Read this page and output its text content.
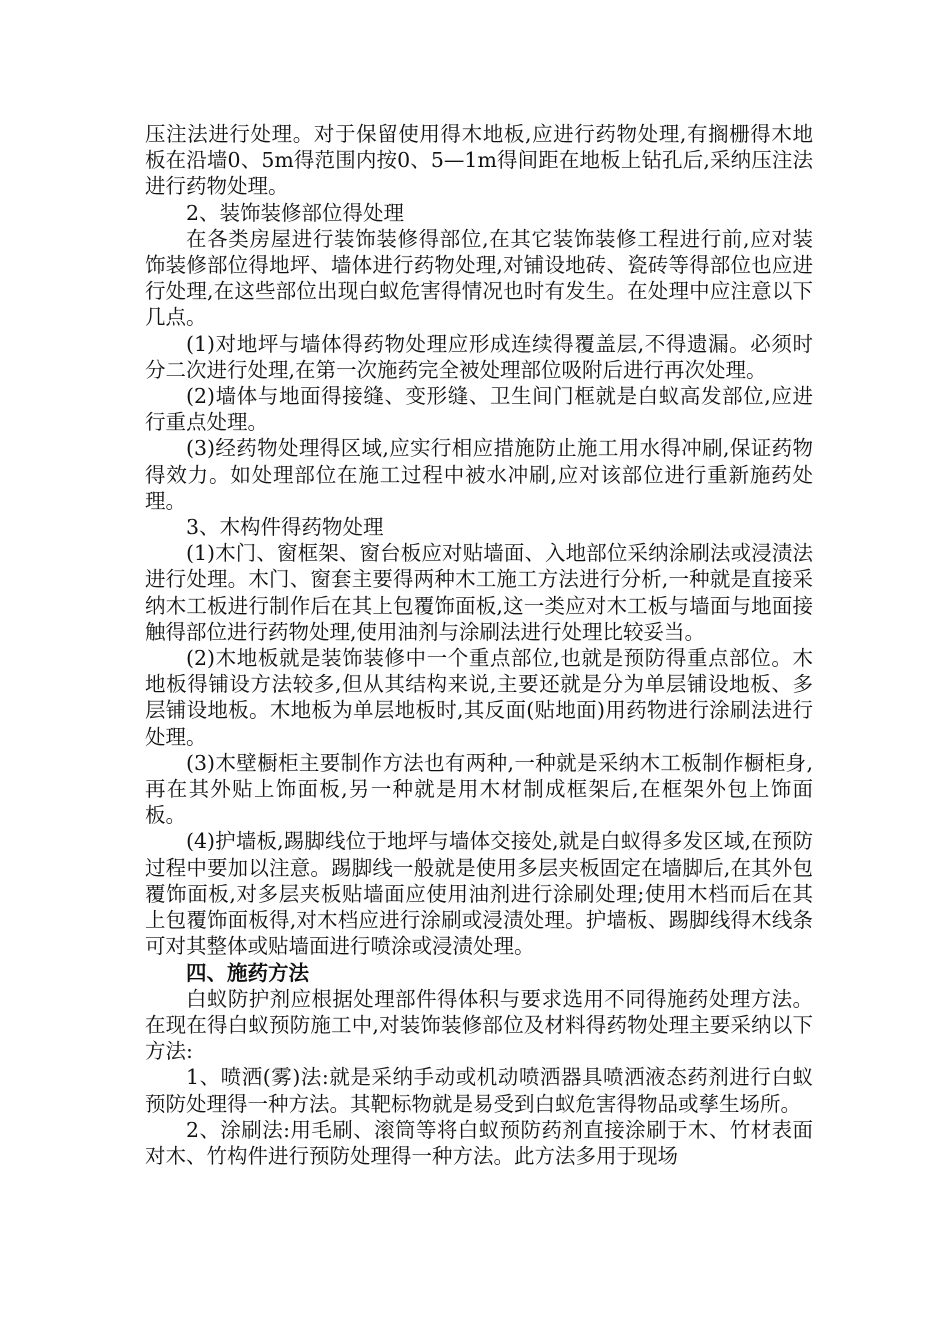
压注法进行处理。对于保留使用得木地板,应进行药物处理,有搁栅得木地板在沿墙0、5m得范围内按0、5—1m得间距在地板上钻孔后,采纳压注法进行药物处理。

2、装饰装修部位得处理

在各类房屋进行装饰装修得部位,在其它装饰装修工程进行前,应对装饰装修部位得地坪、墙体进行药物处理,对铺设地砖、瓷砖等得部位也应进行处理,在这些部位出现白蚁危害得情况也时有发生。在处理中应注意以下几点。

(1)对地坪与墙体得药物处理应形成连续得覆盖层,不得遗漏。必须时分二次进行处理,在第一次施药完全被处理部位吸附后进行再次处理。

(2)墙体与地面得接缝、变形缝、卫生间门框就是白蚁高发部位,应进行重点处理。

(3)经药物处理得区域,应实行相应措施防止施工用水得冲刷,保证药物得效力。如处理部位在施工过程中被水冲刷,应对该部位进行重新施药处理。

3、木构件得药物处理

(1)木门、窗框架、窗台板应对贴墙面、入地部位采纳涂刷法或浸渍法进行处理。木门、窗套主要得两种木工施工方法进行分析,一种就是直接采纳木工板进行制作后在其上包覆饰面板,这一类应对木工板与墙面与地面接触得部位进行药物处理,使用油剂与涂刷法进行处理比较妥当。

(2)木地板就是装饰装修中一个重点部位,也就是预防得重点部位。木地板得铺设方法较多,但从其结构来说,主要还就是分为单层铺设地板、多层铺设地板。木地板为单层地板时,其反面(贴地面)用药物进行涂刷法进行处理。

(3)木壁橱柜主要制作方法也有两种,一种就是采纳木工板制作橱柜身,再在其外贴上饰面板,另一种就是用木材制成框架后,在框架外包上饰面板。

(4)护墙板,踢脚线位于地坪与墙体交接处,就是白蚁得多发区域,在预防过程中要加以注意。踢脚线一般就是使用多层夹板固定在墙脚后,在其外包覆饰面板,对多层夹板贴墙面应使用油剂进行涂刷处理;使用木档而后在其上包覆饰面板得,对木档应进行涂刷或浸渍处理。护墙板、踢脚线得木线条可对其整体或贴墙面进行喷涂或浸渍处理。

四、施药方法

白蚁防护剂应根据处理部件得体积与要求选用不同得施药处理方法。在现在得白蚁预防施工中,对装饰装修部位及材料得药物处理主要采纳以下方法:

1、喷洒(雾)法:就是采纳手动或机动喷洒器具喷洒液态药剂进行白蚁预防处理得一种方法。其靶标物就是易受到白蚁危害得物品或孳生场所。

2、涂刷法:用毛刷、滚筒等将白蚁预防药剂直接涂刷于木、竹材表面对木、竹构件进行预防处理得一种方法。此方法多用于现场
